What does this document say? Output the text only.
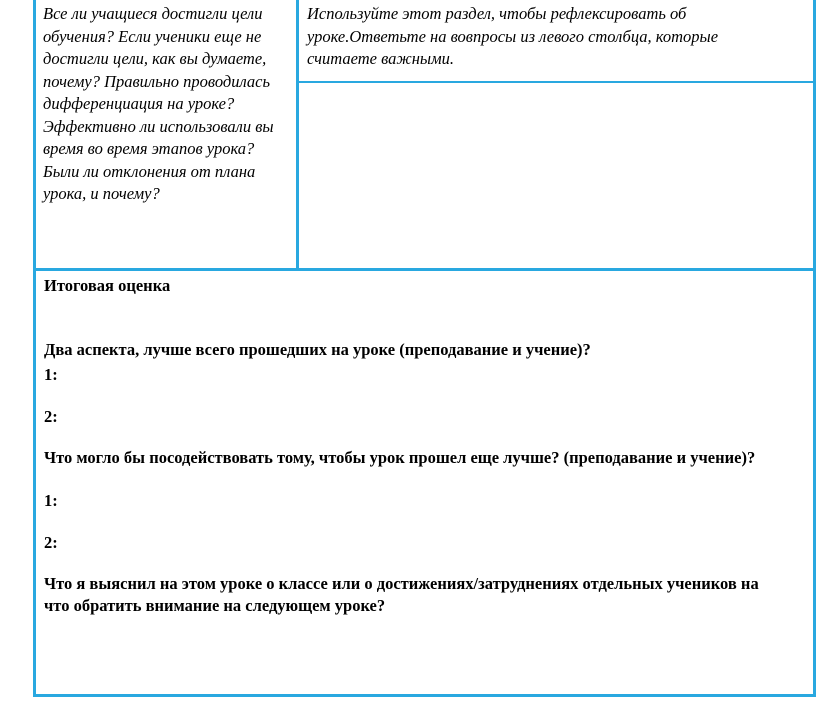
Все ли учащиеся достигли цели обучения? Если ученики еще не достигли цели, как вы думаете, почему? Правильно проводилась дифференциация на уроке?
Эффективно ли использовали вы время во время этапов урока? Были ли отклонения от плана урока, и почему?
Используйте этот раздел, чтобы рефлексировать об уроке.Ответьте на вовпросы из левого столбца, которые считаете важными.
Итоговая оценка
Два аспекта, лучше всего прошедших на уроке (преподавание и учение)?
1:
2:
Что могло бы посодействовать тому, чтобы урок прошел еще лучше? (преподавание и учение)?
1:
2:
Что я выяснил на этом уроке о классе или о достижениях/затруднениях отдельных учеников на что обратить внимание на следующем уроке?
